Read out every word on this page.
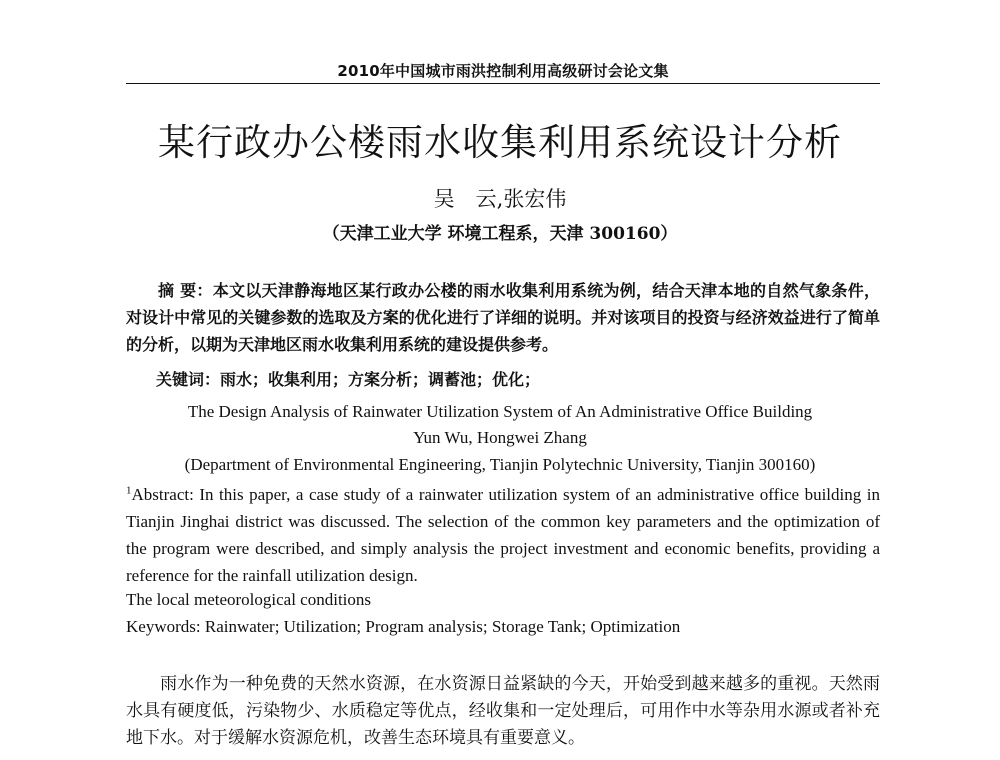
2010年中国城市雨洪控制利用高级研讨会论文集
某行政办公楼雨水收集利用系统设计分析
吴　云,张宏伟
（天津工业大学 环境工程系，天津 300160）
摘 要：本文以天津静海地区某行政办公楼的雨水收集利用系统为例，结合天津本地的自然气象条件，对设计中常见的关键参数的选取及方案的优化进行了详细的说明。并对该项目的投资与经济效益进行了简单的分析，以期为天津地区雨水收集利用系统的建设提供参考。
关键词：雨水；收集利用；方案分析；调蓄池；优化；
The Design Analysis of Rainwater Utilization System of An Administrative Office Building
Yun Wu, Hongwei Zhang
(Department of Environmental Engineering, Tianjin Polytechnic University, Tianjin 300160)
$^1$Abstract: In this paper, a case study of a rainwater utilization system of an administrative office building in Tianjin Jinghai district was discussed. The selection of the common key parameters and the optimization of the program were described, and simply analysis the project investment and economic benefits, providing a reference for the rainfall utilization design.
The local meteorological conditions
Keywords: Rainwater; Utilization; Program analysis; Storage Tank; Optimization
雨水作为一种免费的天然水资源，在水资源日益紧缺的今天，开始受到越来越多的重视。天然雨水具有硬度低，污染物少、水质稳定等优点，经收集和一定处理后，可用作中水等杂用水源或者补充地下水。对于缓解水资源危机，改善生态环境具有重要意义。
